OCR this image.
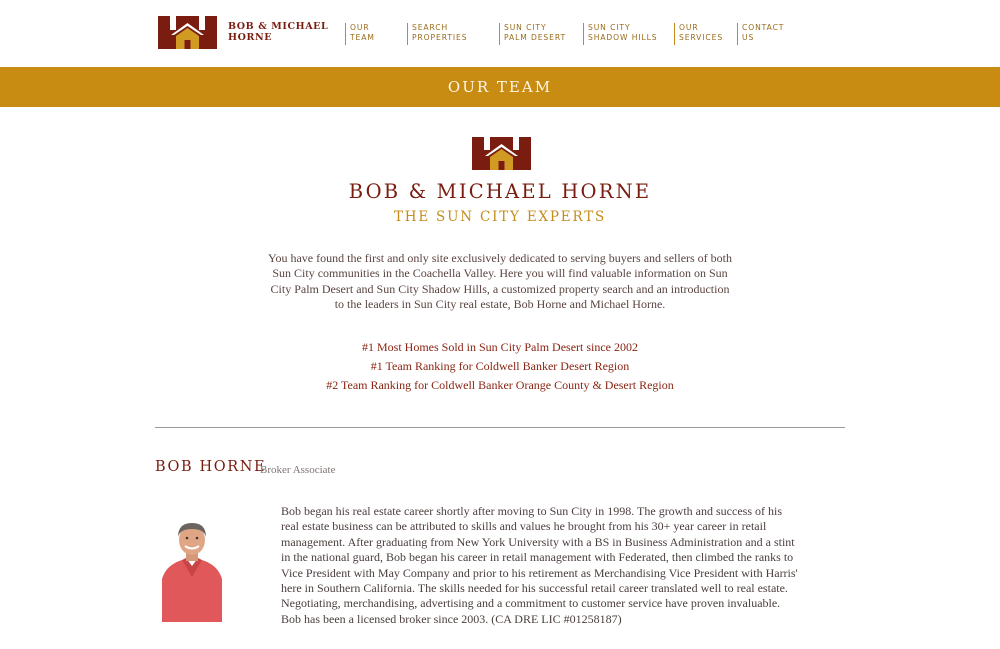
BOB & MICHAEL
HORNE
OUR
TEAM
SEARCH
PROPERTIES
SUN CITY
PALM DESERT
SUN CITY
SHADOW HILLS
OUR
SERVICES
CONTACT
US
OUR TEAM
BOB & MICHAEL HORNE
THE SUN CITY EXPERTS
You have found the first and only site exclusively dedicated to serving buyers and sellers of both Sun City communities in the Coachella Valley. Here you will find valuable information on Sun City Palm Desert and Sun City Shadow Hills, a customized property search and an introduction to the leaders in Sun City real estate, Bob Horne and Michael Horne.
#1 Most Homes Sold in Sun City Palm Desert since 2002
#1 Team Ranking for Coldwell Banker Desert Region
#2 Team Ranking for Coldwell Banker Orange County & Desert Region
BOB HORNE
Broker Associate
Bob began his real estate career shortly after moving to Sun City in 1998. The growth and success of his real estate business can be attributed to skills and values he brought from his 30+ year career in retail management. After graduating from New York University with a BS in Business Administration and a stint in the national guard, Bob began his career in retail management with Federated, then climbed the ranks to Vice President with May Company and prior to his retirement as Merchandising Vice President with Harris' here in Southern California. The skills needed for his successful retail career translated well to real estate. Negotiating, merchandising, advertising and a commitment to customer service have proven invaluable. Bob has been a licensed broker since 2003. (CA DRE LIC #01258187)
